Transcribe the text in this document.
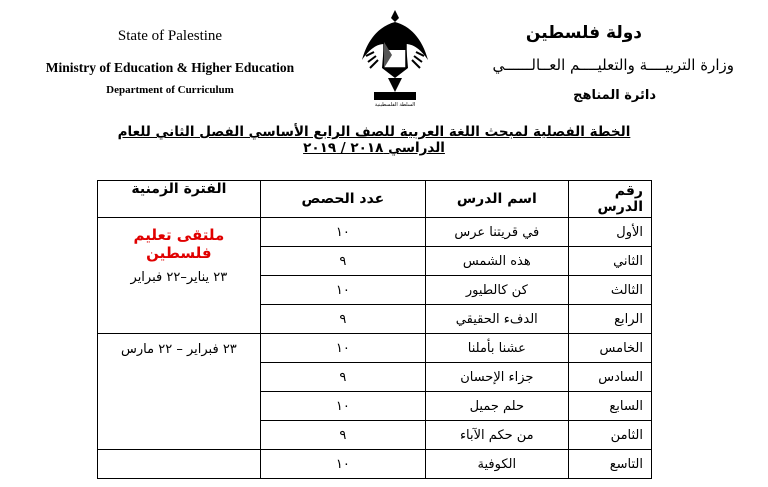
State of Palestine
Ministry of Education & Higher Education
Department of Curriculum
السلطة الفلسطينية
دولة فلسطين
وزارة التربيــــة والتعليــــم العــالــــــي
دائرة المناهج
الخطة الفصلية لمبحث اللغة العربية للصف الرابع الأساسي الفصل الثاني للعام الدراسي ٢٠١٨ / ٢٠١٩
رقم الدرس	اسم الدرس	عدد الحصص	الفترة الزمنية
الأول	في قريتنا عرس	١٠	ملتقى تعليم فلسطين
٢٣ يناير–٢٢ فبراير

الثاني	هذه الشمس	٩	
الثالث	كن كالطيور	١٠	
الرابع	الدفء الحقيقي	٩	
الخامس	عشنا بأملنا	١٠	٢٣ فبراير – ٢٢ مارس

السادس	جزاء الإحسان	٩	
السابع	حلم جميل	١٠	
الثامن	من حكم الآباء	٩	
التاسع	الكوفية	١٠	
